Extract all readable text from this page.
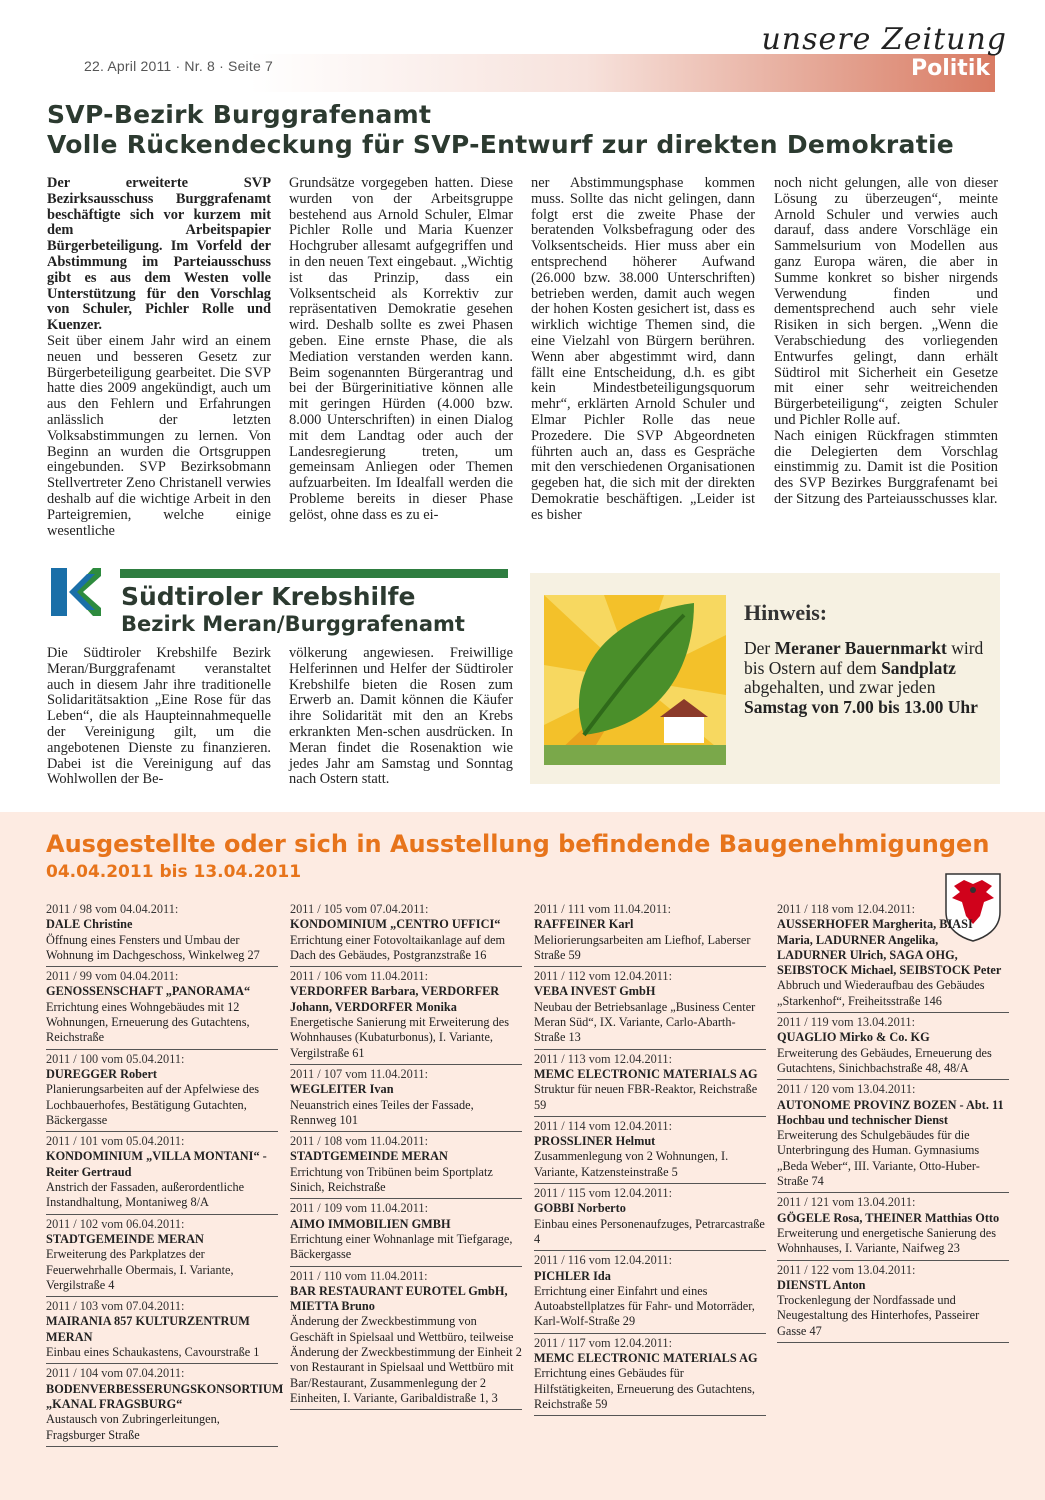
22. April 2011 · Nr. 8 · Seite 7
unsere Zeitung
Politik
SVP-Bezirk Burggrafenamt
Volle Rückendeckung für SVP-Entwurf zur direkten Demokratie

Der erweiterte SVP Bezirksausschuss Burggrafenamt beschäftigte sich vor kurzem mit dem Arbeitspapier Bürgerbeteiligung. Im Vorfeld der Abstimmung im Parteiausschuss gibt es aus dem Westen volle Unterstützung für den Vorschlag von Schuler, Pichler Rolle und Kuenzer.

Seit über einem Jahr wird an einem neuen und besseren Gesetz zur Bürgerbeteiligung gearbeitet. Die SVP hatte dies 2009 angekündigt, auch um aus den Fehlern und Erfahrungen anlässlich der letzten Volksabstimmungen zu lernen. Von Beginn an wurden die Ortsgruppen eingebunden. SVP Bezirksobmann Stellvertreter Zeno Christanell verwies deshalb auf die wichtige Arbeit in den Parteigremien, welche einige wesentliche

Grundsätze vorgegeben hatten. Diese wurden von der Arbeitsgruppe bestehend aus Arnold Schuler, Elmar Pichler Rolle und Maria Kuenzer Hochgruber allesamt aufgegriffen und in den neuen Text eingebaut. „Wichtig ist das Prinzip, dass ein Volksentscheid als Korrektiv zur repräsentativen Demokratie gesehen wird. Deshalb sollte es zwei Phasen geben. Eine ernste Phase, die als Mediation verstanden werden kann. Beim sogenannten Bürgerantrag und bei der Bürgerinitiative können alle mit geringen Hürden (4.000 bzw. 8.000 Unterschriften) in einen Dialog mit dem Landtag oder auch der Landesregierung treten, um gemeinsam Anliegen oder Themen aufzuarbeiten. Im Idealfall werden die Probleme bereits in dieser Phase gelöst, ohne dass es zu ei-

ner Abstimmungsphase kommen muss. Sollte das nicht gelingen, dann folgt erst die zweite Phase der beratenden Volksbefragung oder des Volksentscheids. Hier muss aber ein entsprechend höherer Aufwand (26.000 bzw. 38.000 Unterschriften) betrieben werden, damit auch wegen der hohen Kosten gesichert ist, dass es wirklich wichtige Themen sind, die eine Vielzahl von Bürgern berühren. Wenn aber abgestimmt wird, dann fällt eine Entscheidung, d.h. es gibt kein Mindestbeteiligungsquorum mehr“, erklärten Arnold Schuler und Elmar Pichler Rolle das neue Prozedere. Die SVP Abgeordneten führten auch an, dass es Gespräche mit den verschiedenen Organisationen gegeben hat, die sich mit der direkten Demokratie beschäftigen. „Leider ist es bisher

noch nicht gelungen, alle von dieser Lösung zu überzeugen“, meinte Arnold Schuler und verwies auch darauf, dass andere Vorschläge ein Sammelsurium von Modellen aus ganz Europa wären, die aber in Summe konkret so bisher nirgends Verwendung finden und dementsprechend auch sehr viele Risiken in sich bergen. „Wenn die Verabschiedung des vorliegenden Entwurfes gelingt, dann erhält Südtirol mit Sicherheit ein Gesetze mit einer sehr weitreichenden Bürgerbeteiligung“, zeigten Schuler und Pichler Rolle auf.

Nach einigen Rückfragen stimmten die Delegierten dem Vorschlag einstimmig zu. Damit ist die Position des SVP Bezirkes Burggrafenamt bei der Sitzung des Parteiausschusses klar.

Südtiroler Krebshilfe
Bezirk Meran/Burggrafenamt

Die Südtiroler Krebshilfe Bezirk Meran/Burggrafenamt veranstaltet auch in diesem Jahr ihre traditionelle Solidaritätsaktion „Eine Rose für das Leben“, die als Haupteinnahmequelle der Vereinigung gilt, um die angebotenen Dienste zu finanzieren. Dabei ist die Vereinigung auf das Wohlwollen der Be-

völkerung angewiesen. Freiwillige Helferinnen und Helfer der Südtiroler Krebshilfe bieten die Rosen zum Erwerb an. Damit können die Käufer ihre Solidarität mit den an Krebs erkrankten Men-schen ausdrücken. In Meran findet die Rosenaktion wie jedes Jahr am Samstag und Sonntag nach Ostern statt.

Hinweis:
Der Meraner Bauernmarkt wird bis Ostern auf dem Sandplatz abgehalten, und zwar jeden Samstag von 7.00 bis 13.00 Uhr
Ausgestellte oder sich in Ausstellung befindende Baugenehmigungen
04.04.2011 bis 13.04.2011
2011 / 98 vom 04.04.2011:
DALE Christine
Öffnung eines Fensters und Umbau der Wohnung im Dachgeschoss, Winkelweg 27
2011 / 99 vom 04.04.2011:
GENOSSENSCHAFT „PANORAMA“
Errichtung eines Wohngebäudes mit 12 Wohnungen, Erneuerung des Gutachtens, Reichstraße
2011 / 100 vom 05.04.2011:
DUREGGER Robert
Planierungsarbeiten auf der Apfelwiese des Lochbauerhofes, Bestätigung Gutachten, Bäckergasse
2011 / 101 vom 05.04.2011:
KONDOMINIUM „VILLA MONTANI“ - Reiter Gertraud
Anstrich der Fassaden, außerordentliche Instandhaltung, Montaniweg 8/A
2011 / 102 vom 06.04.2011:
STADTGEMEINDE MERAN
Erweiterung des Parkplatzes der Feuerwehrhalle Obermais, I. Variante, Vergilstraße 4
2011 / 103 vom 07.04.2011:
MAIRANIA 857 KULTURZENTRUM MERAN
Einbau eines Schaukastens, Cavourstraße 1
2011 / 104 vom 07.04.2011:
BODENVERBESSERUNGSKONSORTIUM „KANAL FRAGSBURG“
Austausch von Zubringerleitungen, Fragsburger Straße
2011 / 105 vom 07.04.2011:
KONDOMINIUM „CENTRO UFFICI“
Errichtung einer Fotovoltaikanlage auf dem Dach des Gebäudes, Postgranzstraße 16
2011 / 106 vom 11.04.2011:
VERDORFER Barbara, VERDORFER Johann, VERDORFER Monika
Energetische Sanierung mit Erweiterung des Wohnhauses (Kubaturbonus), I. Variante, Vergilstraße 61
2011 / 107 vom 11.04.2011:
WEGLEITER Ivan
Neuanstrich eines Teiles der Fassade, Rennweg 101
2011 / 108 vom 11.04.2011:
STADTGEMEINDE MERAN
Errichtung von Tribünen beim Sportplatz Sinich, Reichstraße
2011 / 109 vom 11.04.2011:
AIMO IMMOBILIEN GMBH
Errichtung einer Wohnanlage mit Tiefgarage, Bäckergasse
2011 / 110 vom 11.04.2011:
BAR RESTAURANT EUROTEL GmbH, MIETTA Bruno
Änderung der Zweckbestimmung von Geschäft in Spielsaal und Wettbüro, teilweise Änderung der Zweckbestimmung der Einheit 2 von Restaurant in Spielsaal und Wettbüro mit Bar/Restaurant, Zusammenlegung der 2 Einheiten, I. Variante, Garibaldistraße 1, 3
2011 / 111 vom 11.04.2011:
RAFFEINER Karl
Meliorierungsarbeiten am Liefhof, Laberser Straße 59
2011 / 112 vom 12.04.2011:
VEBA INVEST GmbH
Neubau der Betriebsanlage „Business Center Meran Süd“, IX. Variante, Carlo-Abarth-Straße 13
2011 / 113 vom 12.04.2011:
MEMC ELECTRONIC MATERIALS AG
Struktur für neuen FBR-Reaktor, Reichstraße 59
2011 / 114 vom 12.04.2011:
PROSSLINER Helmut
Zusammenlegung von 2 Wohnungen, I. Variante, Katzensteinstraße 5
2011 / 115 vom 12.04.2011:
GOBBI Norberto
Einbau eines Personenaufzuges, Petrarcastraße 4
2011 / 116 vom 12.04.2011:
PICHLER Ida
Errichtung einer Einfahrt und eines Autoabstellplatzes für Fahr- und Motorräder, Karl-Wolf-Straße 29
2011 / 117 vom 12.04.2011:
MEMC ELECTRONIC MATERIALS AG
Errichtung eines Gebäudes für Hilfstätigkeiten, Erneuerung des Gutachtens, Reichstraße 59
2011 / 118 vom 12.04.2011:
AUSSERHOFER Margherita, BIASI Maria, LADURNER Angelika, LADURNER Ulrich, SAGA OHG, SEIBSTOCK Michael, SEIBSTOCK Peter
Abbruch und Wiederaufbau des Gebäudes „Starkenhof“, Freiheitsstraße 146
2011 / 119 vom 13.04.2011:
QUAGLIO Mirko & Co. KG
Erweiterung des Gebäudes, Erneuerung des Gutachtens, Sinichbachstraße 48, 48/A
2011 / 120 vom 13.04.2011:
AUTONOME PROVINZ BOZEN - Abt. 11 Hochbau und technischer Dienst
Erweiterung des Schulgebäudes für die Unterbringung des Human. Gymnasiums „Beda Weber“, III. Variante, Otto-Huber-Straße 74
2011 / 121 vom 13.04.2011:
GÖGELE Rosa, THEINER Matthias Otto
Erweiterung und energetische Sanierung des Wohnhauses, I. Variante, Naifweg 23
2011 / 122 vom 13.04.2011:
DIENSTL Anton
Trockenlegung der Nordfassade und Neugestaltung des Hinterhofes, Passeirer Gasse 47
